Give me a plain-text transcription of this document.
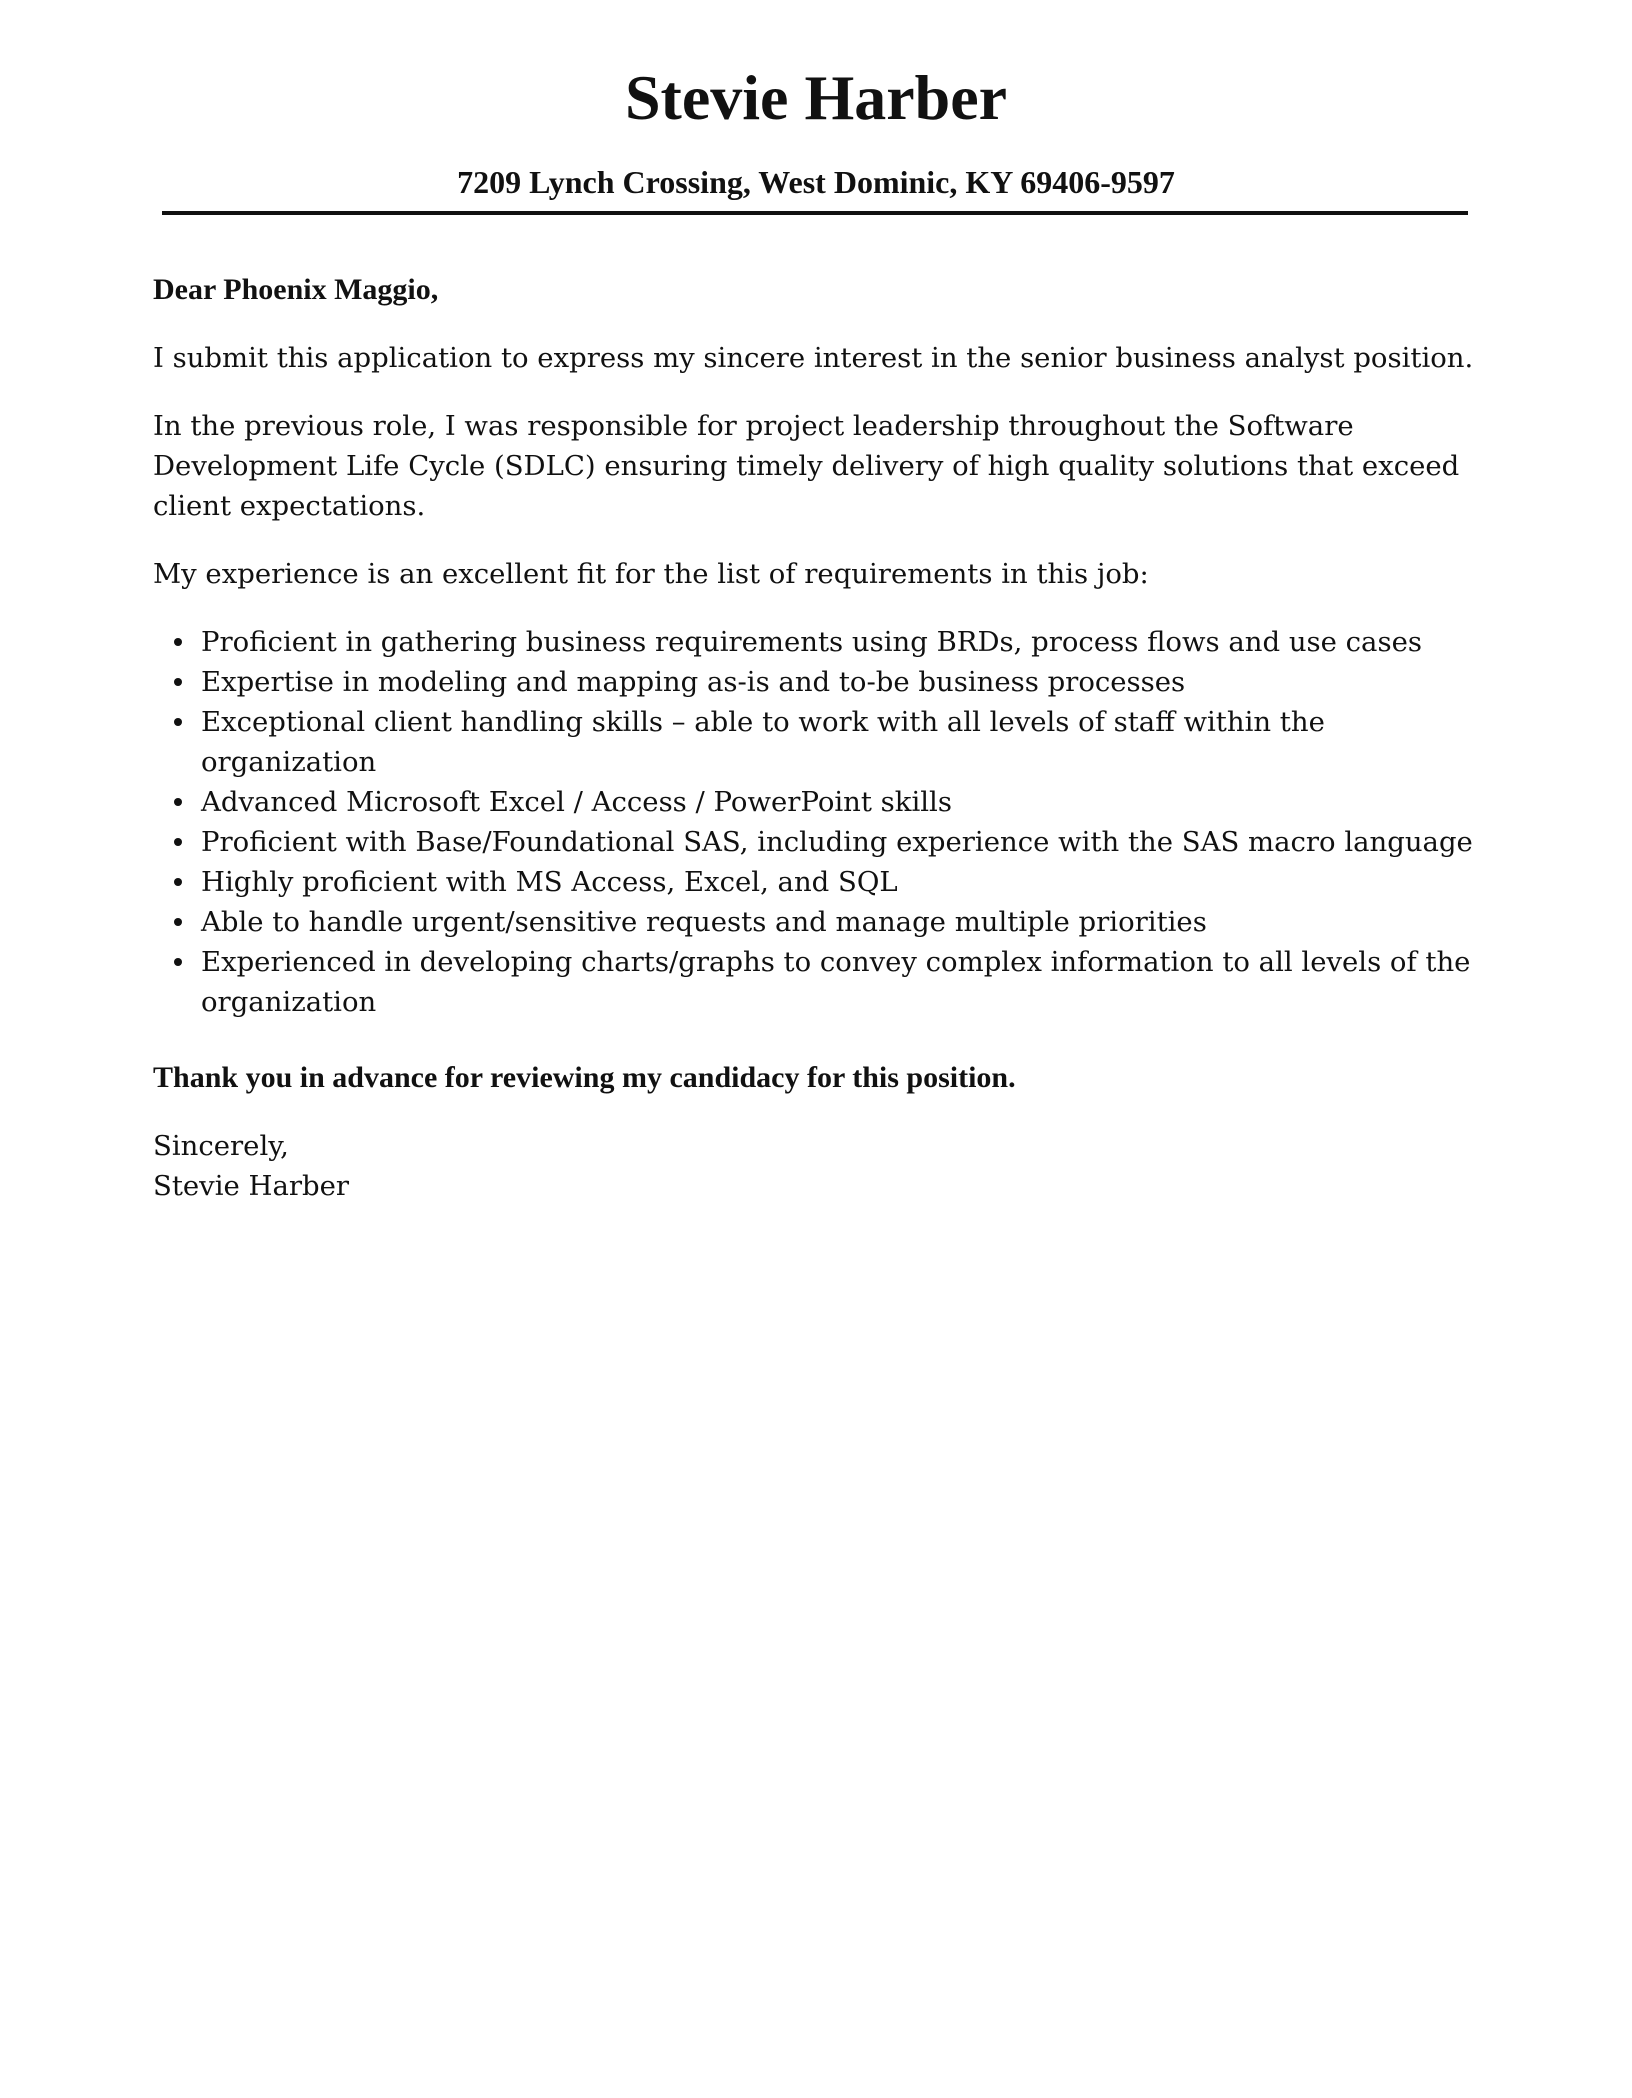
Stevie Harber
7209 Lynch Crossing, West Dominic, KY 69406-9597

Dear Phoenix Maggio,

I submit this application to express my sincere interest in the senior business analyst position.

In the previous role, I was responsible for project leadership throughout the Software Development Life Cycle (SDLC) ensuring timely delivery of high quality solutions that exceed client expectations.

My experience is an excellent fit for the list of requirements in this job:

Proficient in gathering business requirements using BRDs, process flows and use cases
Expertise in modeling and mapping as-is and to-be business processes
Exceptional client handling skills – able to work with all levels of staff within the organization
Advanced Microsoft Excel / Access / PowerPoint skills
Proficient with Base/Foundational SAS, including experience with the SAS macro language
Highly proficient with MS Access, Excel, and SQL
Able to handle urgent/sensitive requests and manage multiple priorities
Experienced in developing charts/graphs to convey complex information to all levels of the organization

Thank you in advance for reviewing my candidacy for this position.

Sincerely,

Stevie Harber
